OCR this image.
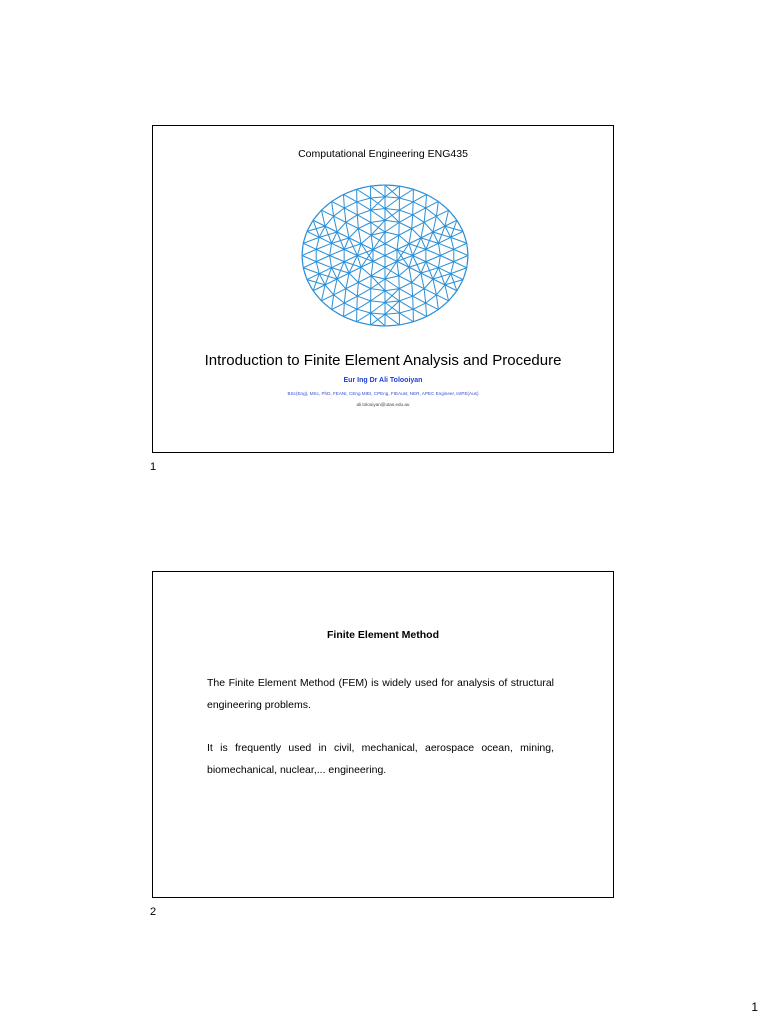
Computational Engineering ENG435
Introduction to Finite Element Analysis and Procedure
Eur Ing Dr Ali Tolooiyan
BSc(Eng), MSc, PhD, FEANI, CEng MIEI, CPEng, FIEAust, NER, APEC Engineer, IntPE(Aus)
ali.tolooiyan@utas.edu.au
1
Finite Element Method
The Finite Element Method (FEM) is widely used for analysis of structural engineering problems.
It is frequently used in civil, mechanical, aerospace ocean, mining, biomechanical, nuclear,... engineering.
2
1
